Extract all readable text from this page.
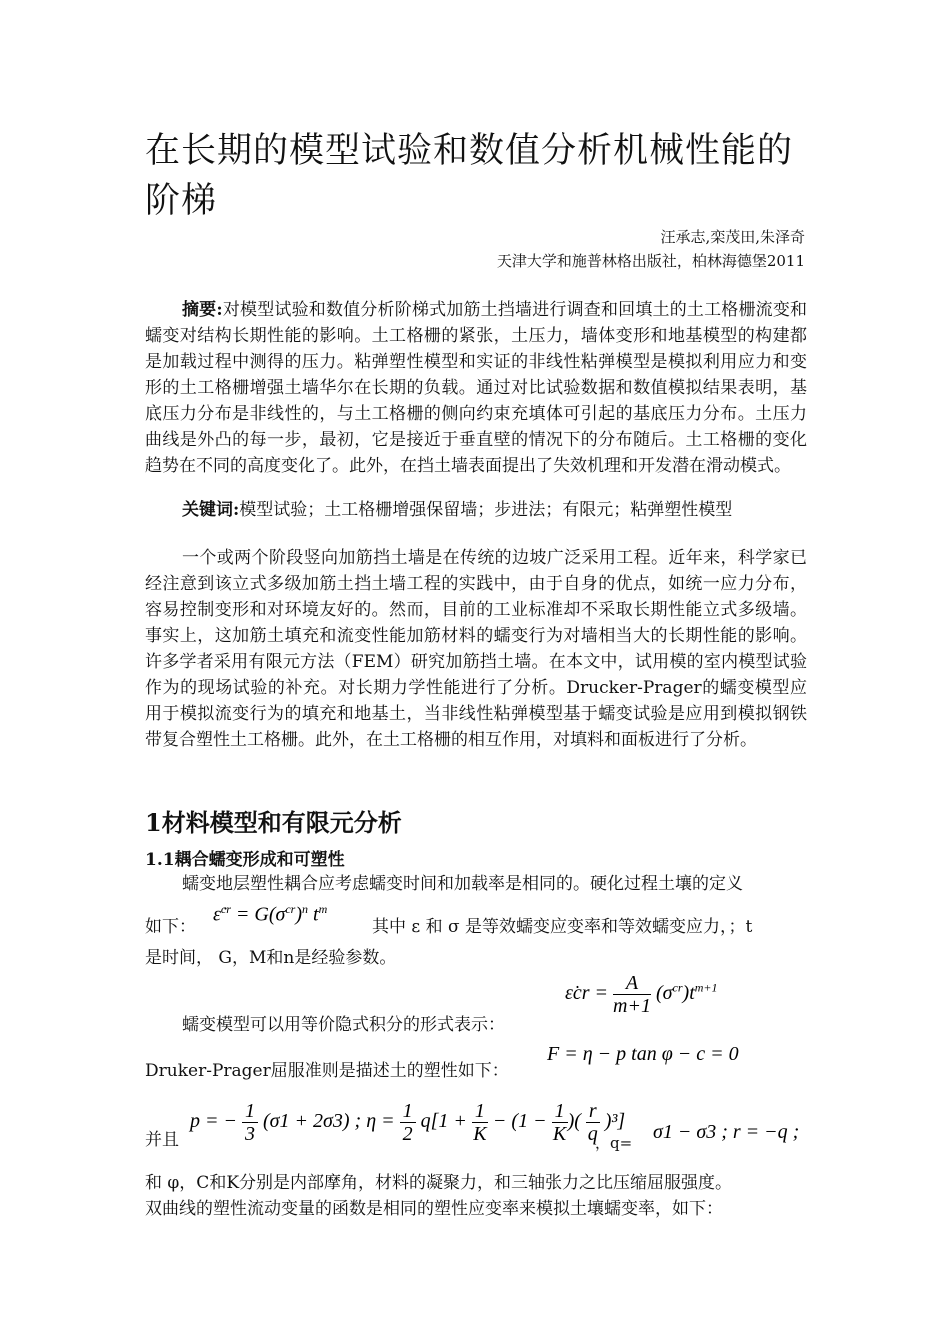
在长期的模型试验和数值分析机械性能的阶梯
汪承志,栾茂田,朱泽奇
天津大学和施普林格出版社，柏林海德堡2011

摘要:对模型试验和数值分析阶梯式加筋土挡墙进行调查和回填土的土工格栅流变和蠕变对结构长期性能的影响。土工格栅的紧张，土压力，墙体变形和地基模型的构建都是加载过程中测得的压力。粘弹塑性模型和实证的非线性粘弹模型是模拟利用应力和变形的土工格栅增强土墙华尔在长期的负载。通过对比试验数据和数值模拟结果表明，基底压力分布是非线性的，与土工格栅的侧向约束充填体可引起的基底压力分布。土压力曲线是外凸的每一步，最初，它是接近于垂直壁的情况下的分布随后。土工格栅的变化趋势在不同的高度变化了。此外，在挡土墙表面提出了失效机理和开发潜在滑动模式。

关键词:模型试验；土工格栅增强保留墙；步进法；有限元；粘弹塑性模型

一个或两个阶段竖向加筋挡土墙是在传统的边坡广泛采用工程。近年来，科学家已经注意到该立式多级加筋土挡土墙工程的实践中，由于自身的优点，如统一应力分布，容易控制变形和对环境友好的。然而，目前的工业标准却不采取长期性能立式多级墙。事实上，这加筋土填充和流变性能加筋材料的蠕变行为对墙相当大的长期性能的影响。许多学者采用有限元方法（FEM）研究加筋挡土墙。在本文中，试用模的室内模型试验作为的现场试验的补充。对长期力学性能进行了分析。Drucker-Prager的蠕变模型应用于模拟流变行为的填充和地基土，当非线性粘弹模型基于蠕变试验是应用到模拟钢铁带复合塑性土工格栅。此外，在土工格栅的相互作用，对填料和面板进行了分析。

1材料模型和有限元分析
1.1耦合蠕变形成和可塑性

蠕变地层塑性耦合应考虑蠕变时间和加载率是相同的。硬化过程土壤的定义

如下：
ε̇$^{cr}$ = $G(\sigma^{cr})^n$ $t^m$
其中 ε 和 σ 是等效蠕变应变率和等效蠕变应力，；t
是时间， G，M和n是经验参数。
ε̇cr = $\frac{A}{m+1} (\sigma^{cr})t^{m+1}$

蠕变模型可以用等价隐式积分的形式表示：

Druker-Prager屈服准则是描述土的塑性如下：
F = η − p tan φ − c = 0
并且
p = − $\frac{1}{3} (\sigma 1 + 2\sigma 3)$ ; $\eta = \frac{1}{2} q[1 + \frac{1}{K} - (1 - \frac{1}{K}$ )( $\frac{r}{q} )^3$]
，q= σ1 − σ3 ; r = −q ;

和 φ，C和K分别是内部摩角，材料的凝聚力，和三轴张力之比压缩屈服强度。
双曲线的塑性流动变量的函数是相同的塑性应变率来模拟土壤蠕变率，如下：
